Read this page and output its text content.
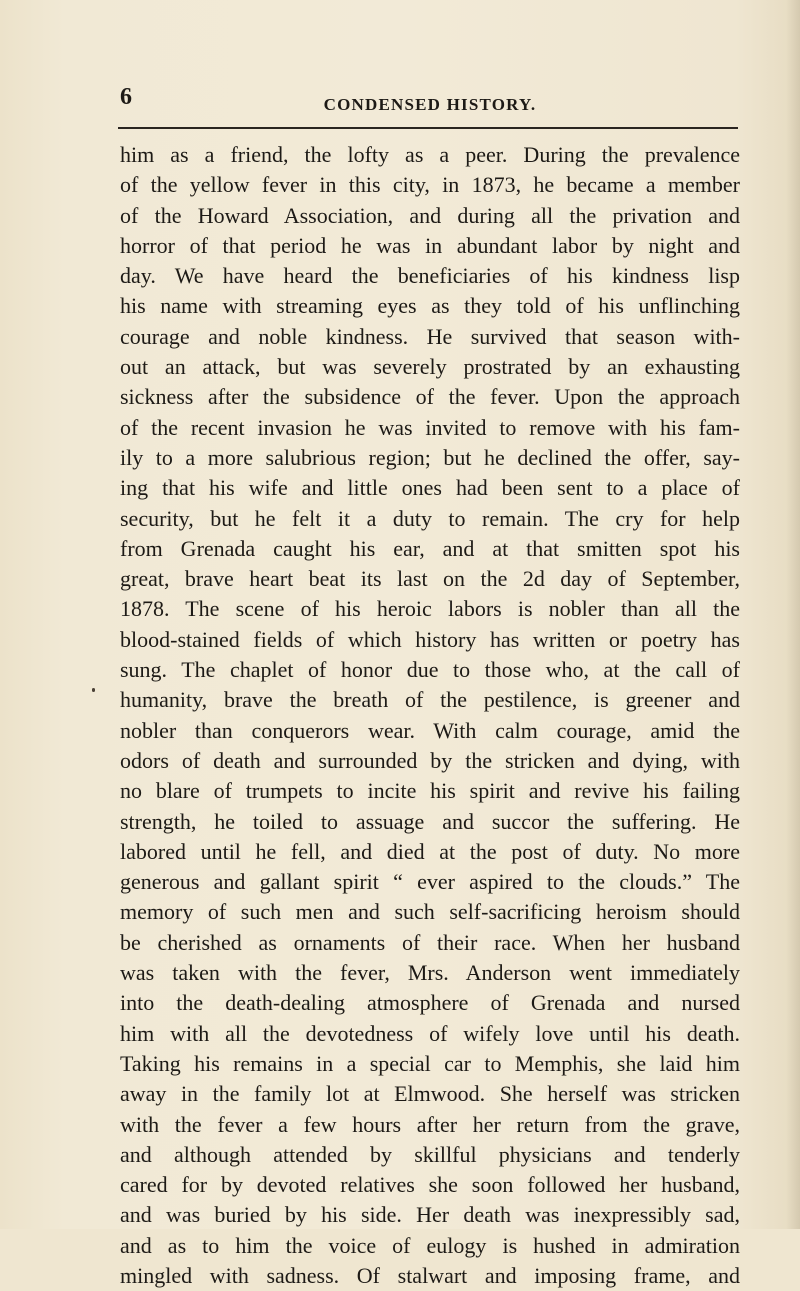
6	CONDENSED HISTORY.
him as a friend, the lofty as a peer. During the prevalence
of the yellow fever in this city, in 1873, he became a member
of the Howard Association, and during all the privation and
horror of that period he was in abundant labor by night and
day. We have heard the beneficiaries of his kindness lisp
his name with streaming eyes as they told of his unflinching
courage and noble kindness. He survived that season with-
out an attack, but was severely prostrated by an exhausting
sickness after the subsidence of the fever. Upon the approach
of the recent invasion he was invited to remove with his fam-
ily to a more salubrious region; but he declined the offer, say-
ing that his wife and little ones had been sent to a place of
security, but he felt it a duty to remain. The cry for help
from Grenada caught his ear, and at that smitten spot his
great, brave heart beat its last on the 2d day of September,
1878. The scene of his heroic labors is nobler than all the
blood-stained fields of which history has written or poetry has
sung. The chaplet of honor due to those who, at the call of
humanity, brave the breath of the pestilence, is greener and
nobler than conquerors wear. With calm courage, amid the
odors of death and surrounded by the stricken and dying, with
no blare of trumpets to incite his spirit and revive his failing
strength, he toiled to assuage and succor the suffering. He
labored until he fell, and died at the post of duty. No more
generous and gallant spirit “ ever aspired to the clouds.” The
memory of such men and such self-sacrificing heroism should
be cherished as ornaments of their race. When her husband
was taken with the fever, Mrs. Anderson went immediately
into the death-dealing atmosphere of Grenada and nursed
him with all the devotedness of wifely love until his death.
Taking his remains in a special car to Memphis, she laid him
away in the family lot at Elmwood. She herself was stricken
with the fever a few hours after her return from the grave,
and although attended by skillful physicians and tenderly
cared for by devoted relatives she soon followed her husband,
and was buried by his side. Her death was inexpressibly sad,
and as to him the voice of eulogy is hushed in admiration
mingled with sadness. Of stalwart and imposing frame, and
